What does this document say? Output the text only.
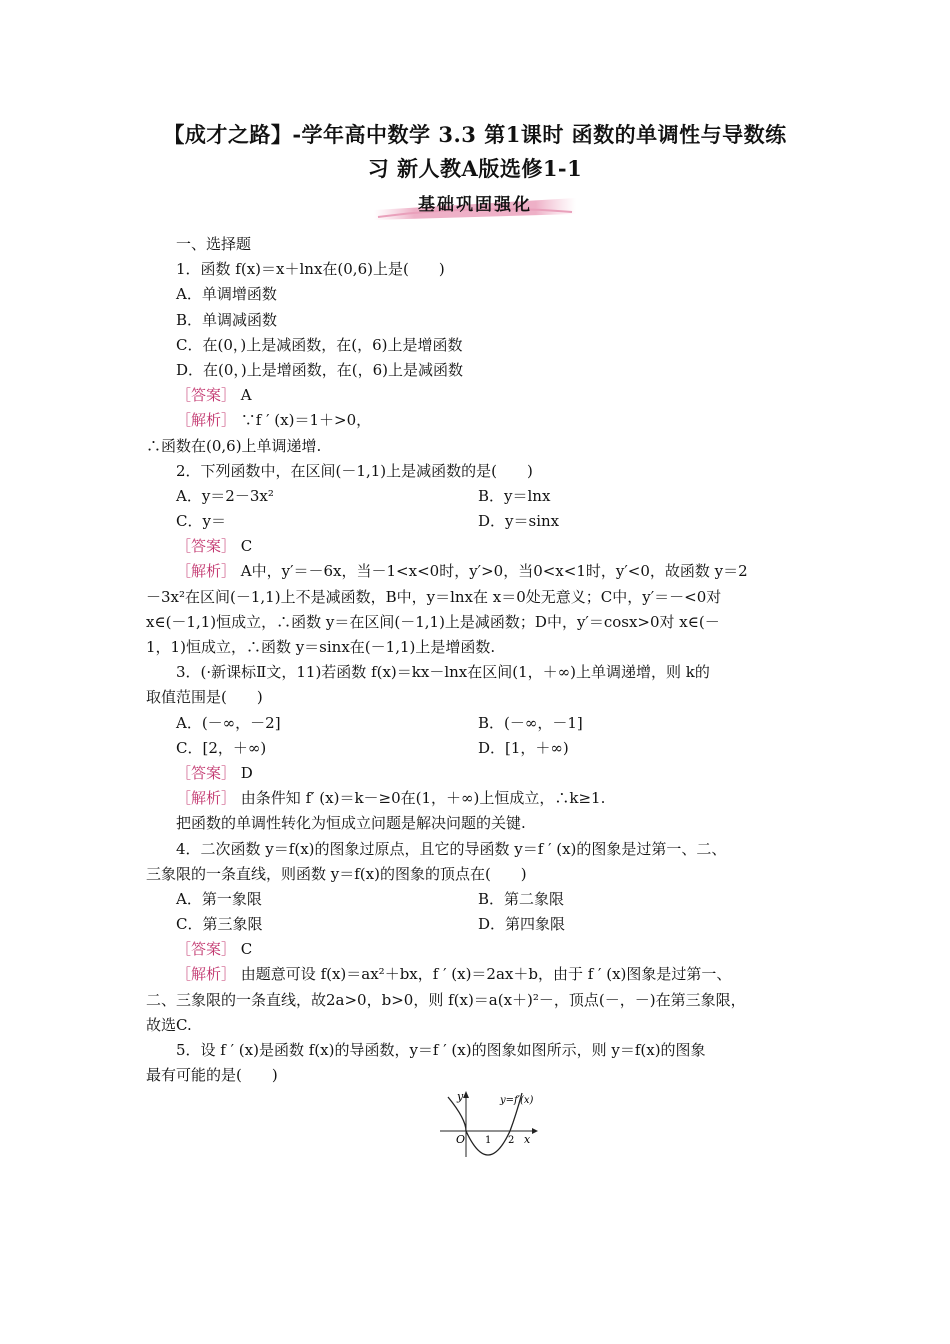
【成才之路】-学年高中数学 3.3 第1课时 函数的单调性与导数练
习 新人教A版选修1-1
基础巩固强化
一、选择题
1．函数 f(x)＝x＋lnx在(0,6)上是(　　)
A．单调增函数
B．单调减函数
C．在(0，)上是减函数，在(，6)上是增函数
D．在(0，)上是增函数，在(，6)上是减函数
［答案］ A
［解析］ ∵f ′ (x)＝1＋>0，
∴函数在(0,6)上单调递增.
2．下列函数中，在区间(－1,1)上是减函数的是(　　)
A．y＝2－3x²	B．y＝lnx
C．y＝	D．y＝sinx
［答案］ C
［解析］ A中，y′＝－6x，当－1<x<0时，y′>0，当0<x<1时，y′<0，故函数 y＝2
－3x²在区间(－1,1)上不是减函数，B中，y＝lnx在 x＝0处无意义；C中，y′＝－<0对
x∈(－1,1)恒成立，∴函数 y＝在区间(－1,1)上是减函数；D中，y′＝cosx>0对 x∈(－
1，1)恒成立，∴函数 y＝sinx在(－1,1)上是增函数.
3．(·新课标Ⅱ文，11)若函数 f(x)＝kx－lnx在区间(1，＋∞)上单调递增，则 k的
取值范围是(　　)
A．(－∞，－2]	B．(－∞，－1]
C．[2，＋∞)	D．[1，＋∞)
［答案］ D
［解析］ 由条件知 f′ (x)＝k－≥0在(1，＋∞)上恒成立，∴k≥1.
把函数的单调性转化为恒成立问题是解决问题的关键.
4．二次函数 y＝f(x)的图象过原点，且它的导函数 y＝f ′ (x)的图象是过第一、二、
三象限的一条直线，则函数 y＝f(x)的图象的顶点在(　　)
A．第一象限	B．第二象限
C．第三象限	D．第四象限
［答案］ C
［解析］ 由题意可设 f(x)＝ax²＋bx，f ′ (x)＝2ax＋b，由于 f ′ (x)图象是过第一、
二、三象限的一条直线，故2a>0，b>0，则 f(x)＝a(x＋)²－，顶点(－，－)在第三象限，
故选C.
5．设 f ′ (x)是函数 f(x)的导函数，y＝f ′ (x)的图象如图所示，则 y＝f(x)的图象
最有可能的是(　　)
y	y=f′(x)
O 1 2 x
